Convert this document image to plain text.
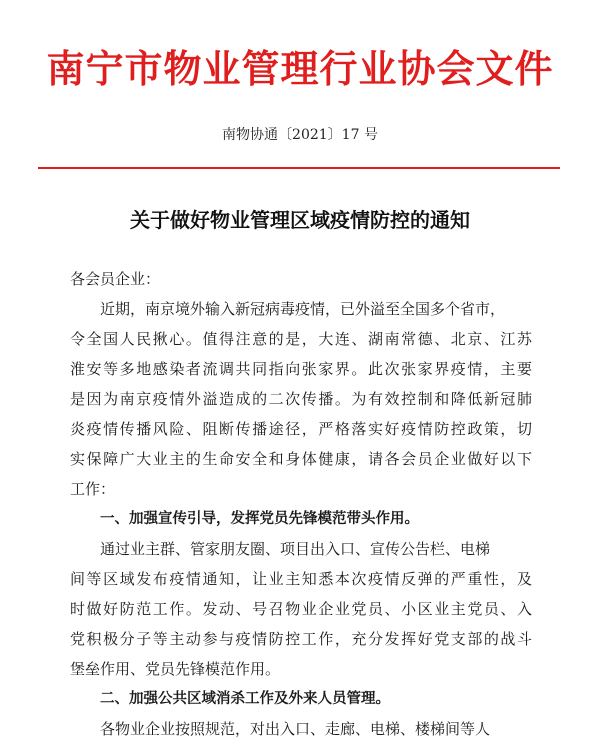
南宁市物业管理行业协会文件
南物协通〔2021〕17 号
关于做好物业管理区域疫情防控的通知
各会员企业：
近期，南京境外输入新冠病毒疫情，已外溢至全国多个省市，
令全国人民揪心。值得注意的是，大连、湖南常德、北京、江苏
淮安等多地感染者流调共同指向张家界。此次张家界疫情，主要
是因为南京疫情外溢造成的二次传播。为有效控制和降低新冠肺
炎疫情传播风险、阻断传播途径，严格落实好疫情防控政策，切
实保障广大业主的生命安全和身体健康，请各会员企业做好以下
工作：
一、加强宣传引导，发挥党员先锋模范带头作用。
通过业主群、管家朋友圈、项目出入口、宣传公告栏、电梯
间等区域发布疫情通知，让业主知悉本次疫情反弹的严重性，及
时做好防范工作。发动、号召物业企业党员、小区业主党员、入
党积极分子等主动参与疫情防控工作，充分发挥好党支部的战斗
堡垒作用、党员先锋模范作用。
二、加强公共区域消杀工作及外来人员管理。
各物业企业按照规范，对出入口、走廊、电梯、楼梯间等人
